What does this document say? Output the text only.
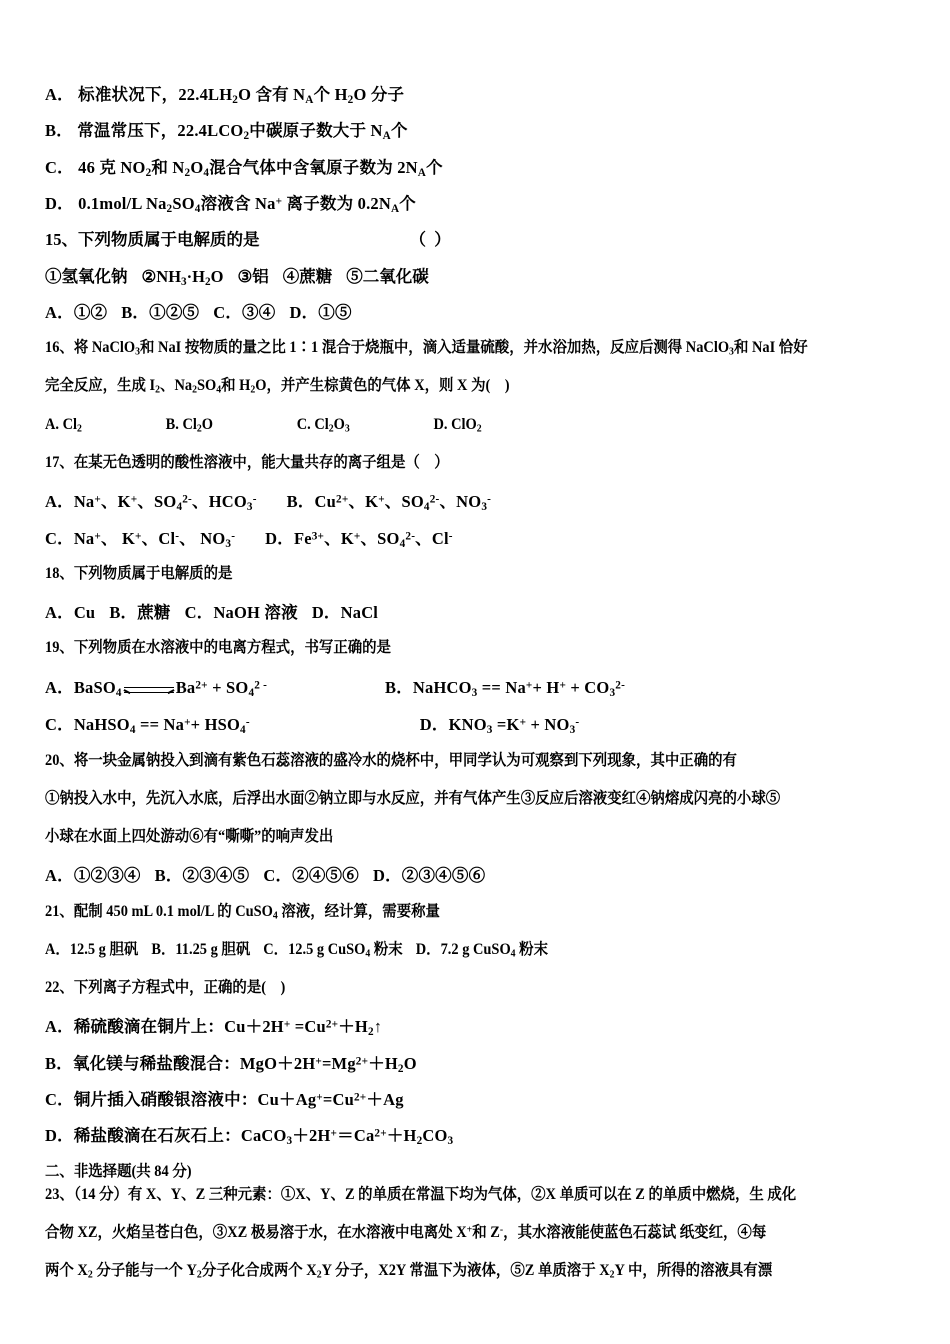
A． 标准状况下，$22.4LH_2O$ 含有 $N_A$个 $H_2O$ 分子
B． 常温常压下，$22.4LCO_2$中碳原子数大于 $N_A$个
C． 46 克 $NO_2$和 $N_2O_4$混合气体中含氧原子数为 $2N_A$个
D． 0.1mol/L $Na_2SO_4$溶液含 Na+ 离子数为 $0.2N_A$个
15、下列物质属于电解质的是	（  ）
①氢氧化钠 $②NH_3\cdot H_2O$ ③铝 ④蔗糖 ⑤二氧化碳
A．①② B．①②⑤ C．③④ D．①⑤
16、将 NaClO$_3$和 NaI 按物质的量之比 1∶1 混合于烧瓶中，滴入适量硫酸，并水浴加热，反应后测得 NaClO$_3$和 NaI 恰好
完全反应，生成 $I_2$、$Na_2SO_4$和 $H_2O$，并产生棕黄色的气体 X，则 X 为(    )
A. $Cl_2$	B. $Cl_2O$	C. $Cl_2O_3$	D. ClO$_2$
17、在某无色透明的酸性溶液中，能大量共存的离子组是（    ）
A．Na+、K+、$SO_4^{2-}$、$HCO_3^-$ B．$Cu^{2+}$、K+、$SO_4^{2-}$、$NO_3^-$
C．Na+、 K+、Cl-、 $NO_3^-$ D．$Fe^{3+}$、K+、$SO_4^{2-}$、Cl-
18、下列物质属于电解质的是
A．Cu B．蔗糖 C．NaOH 溶液 D．NaCl
19、下列物质在水溶液中的电离方程式，书写正确的是
A．BaSO$_4$	$Ba^{2+} + SO_4^{2 -}$	B．NaHCO$_3$ == $Na^++ H^+ + CO_3^{2-}$
C．NaHSO$_4$ == $Na^++ HSO_4^-$	D．$KNO_3 =K^+ + NO_3^-$
20、将一块金属钠投入到滴有紫色石蕊溶液的盛冷水的烧杯中，甲同学认为可观察到下列现象，其中正确的有
①钠投入水中，先沉入水底，后浮出水面②钠立即与水反应，并有气体产生③反应后溶液变红④钠熔成闪亮的小球⑤
小球在水面上四处游动⑥有“嘶嘶”的响声发出
A．①②③④ B．②③④⑤ C．②④⑤⑥ D．②③④⑤⑥
21、配制 450 mL 0.1 mol/L 的 CuSO$_4$ 溶液，经计算，需要称量
A．12.5 g 胆矾 B．11.25 g 胆矾 C．12.5 g CuSO$_4$ 粉末 D．7.2 g CuSO$_4$ 粉末
22、下列离子方程式中，正确的是(    )
A．稀硫酸滴在铜片上：$Cu+2H^+ =Cu^{2+}+H_2↑$
B．氧化镁与稀盐酸混合：$MgO+2H^+=Mg^{2+}+H_2O$
C．铜片插入硝酸银溶液中：$Cu+Ag^+=Cu^{2+}+Ag$
D．稀盐酸滴在石灰石上：$CaCO_3+2H^+=Ca^{2+}+H_2CO_3$
二、非选择题(共 84 分)
23、（14 分）有 X、Y、Z 三种元素：①X、Y、Z 的单质在常温下均为气体，②X 单质可以在 Z 的单质中燃烧，生 成化
合物 XZ，火焰呈苍白色，③XZ 极易溶于水，在水溶液中电离处 X+和 Z-，其水溶液能使蓝色石蕊试 纸变红，④每
两个 $X_2$ 分子能与一个 $Y_2$分子化合成两个 $X_2Y$ 分子，X2Y 常温下为液体，⑤Z 单质溶于 $X_2Y$ 中，所得的溶液具有漂
